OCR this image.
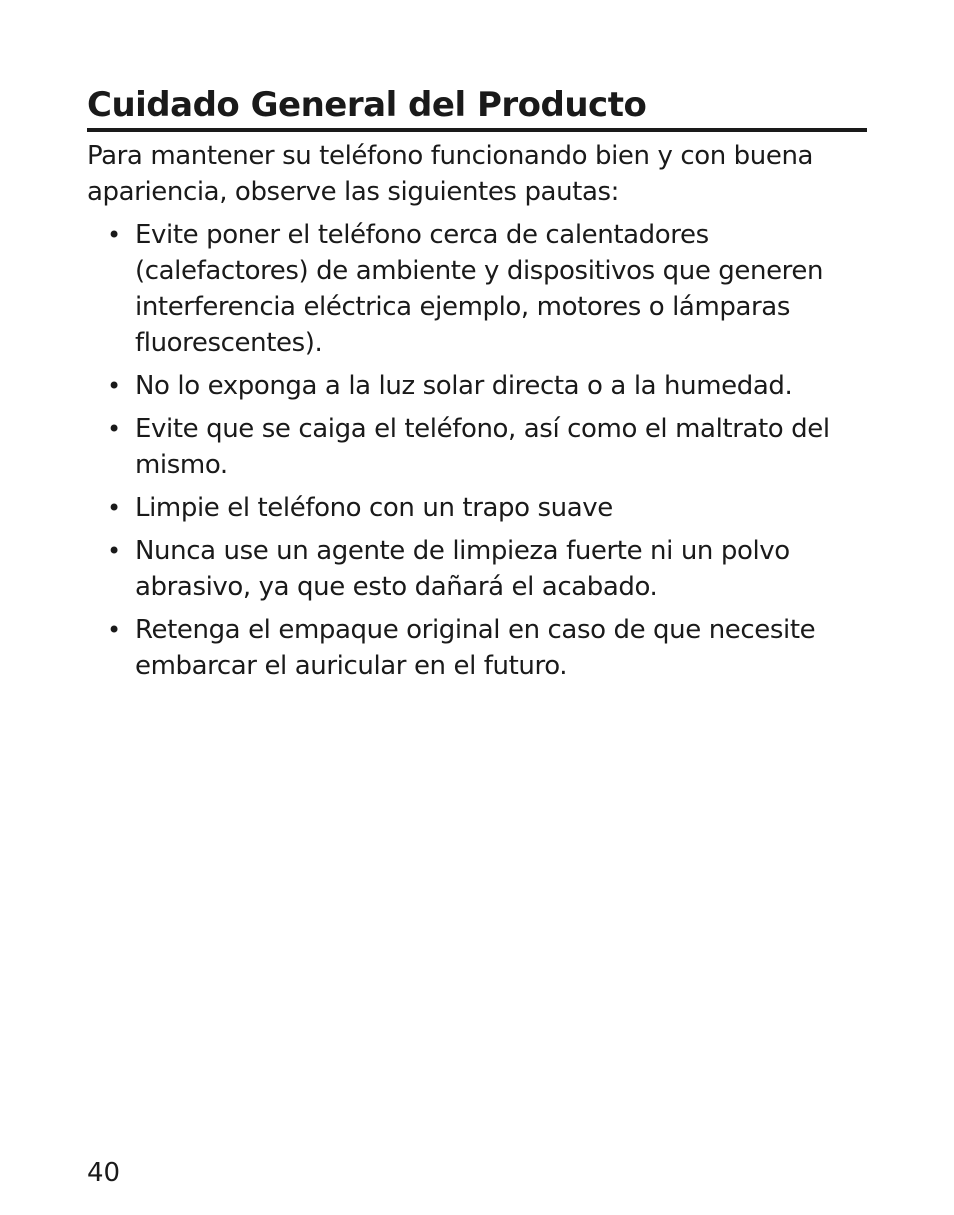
Cuidado General del Producto

Para mantener su teléfono funcionando bien y con buena apariencia, observe las siguientes pautas:

• Evite poner el teléfono cerca de calentadores (calefactores) de ambiente y dispositivos que generen interferencia eléctrica ejemplo, motores o lámparas fluorescentes).
• No lo exponga a la luz solar directa o a la humedad.
• Evite que se caiga el teléfono, así como el maltrato del mismo.
• Limpie el teléfono con un trapo suave
• Nunca use un agente de limpieza fuerte ni un polvo abrasivo, ya que esto dañará el acabado.
• Retenga el empaque original en caso de que necesite embarcar el auricular en el futuro.
40
